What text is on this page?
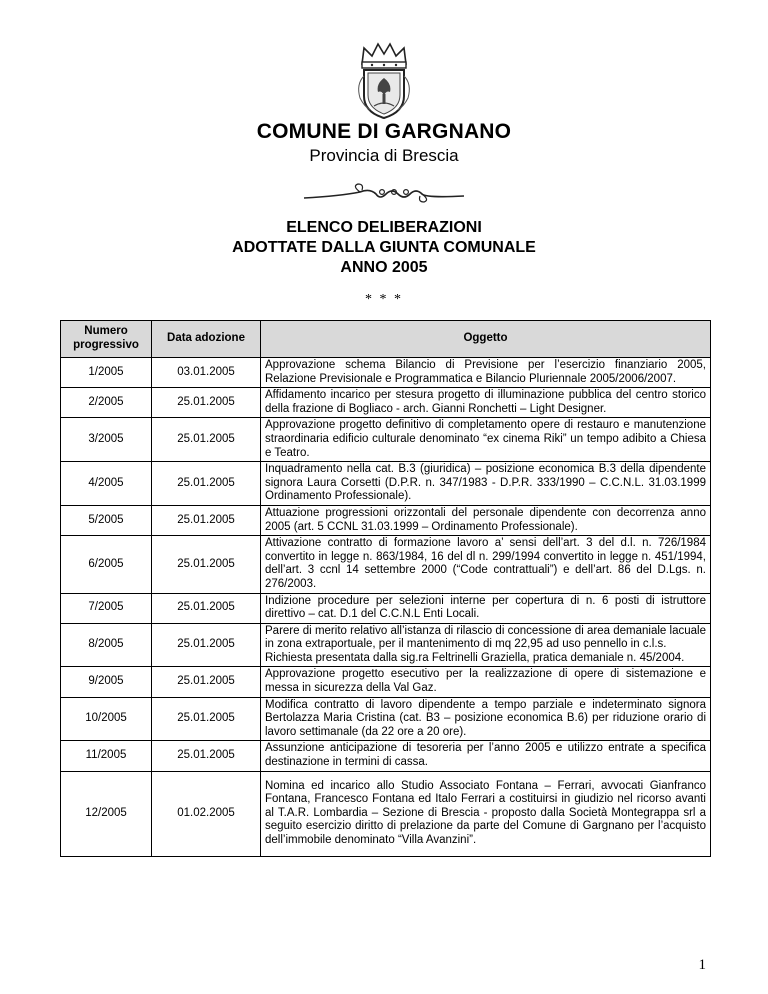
COMUNE DI GARGNANO
Provincia di Brescia
ELENCO DELIBERAZIONI
ADOTTATE DALLA GIUNTA COMUNALE
ANNO 2005
* * *
Numero progressivo	Data adozione	Oggetto
1/2005	03.01.2005	Approvazione schema Bilancio di Previsione per l’esercizio finanziario 2005, Relazione Previsionale e Programmatica e Bilancio Pluriennale 2005/2006/2007.
2/2005	25.01.2005	Affidamento incarico per stesura progetto di illuminazione pubblica del centro storico della frazione di Bogliaco - arch. Gianni Ronchetti – Light Designer.
3/2005	25.01.2005	Approvazione progetto definitivo di completamento opere di restauro e manutenzione straordinaria edificio culturale denominato “ex cinema Riki” un tempo adibito a Chiesa e Teatro.
4/2005	25.01.2005	Inquadramento nella cat. B.3 (giuridica) – posizione economica B.3 della dipendente signora Laura Corsetti (D.P.R. n. 347/1983 - D.P.R. 333/1990 – C.C.N.L. 31.03.1999 Ordinamento Professionale).
5/2005	25.01.2005	Attuazione progressioni orizzontali del personale dipendente con decorrenza anno 2005 (art. 5 CCNL 31.03.1999 – Ordinamento Professionale).
6/2005	25.01.2005	Attivazione contratto di formazione lavoro a’ sensi dell’art. 3 del d.l. n. 726/1984 convertito in legge n. 863/1984, 16 del dl n. 299/1994 convertito in legge n. 451/1994, dell’art. 3 ccnl 14 settembre 2000 (“Code contrattuali”) e dell’art. 86 del D.Lgs. n. 276/2003.
7/2005	25.01.2005	Indizione procedure per selezioni interne per copertura di n. 6 posti di istruttore direttivo – cat. D.1 del C.C.N.L Enti Locali.
8/2005	25.01.2005	Parere di merito relativo all’istanza di rilascio di concessione di area demaniale lacuale in zona extraportuale, per il mantenimento di mq 22,95 ad uso pennello in c.l.s.
Richiesta presentata dalla sig.ra Feltrinelli Graziella, pratica demaniale n. 45/2004.

9/2005	25.01.2005	Approvazione progetto esecutivo per la realizzazione di opere di sistemazione e messa in sicurezza della Val Gaz.
10/2005	25.01.2005	Modifica contratto di lavoro dipendente a tempo parziale e indeterminato signora Bertolazza Maria Cristina (cat. B3 – posizione economica B.6) per riduzione orario di lavoro settimanale (da 22 ore a 20 ore).
11/2005	25.01.2005	Assunzione anticipazione di tesoreria per l’anno 2005 e utilizzo entrate a specifica destinazione in termini di cassa.
12/2005	01.02.2005	Nomina ed incarico allo Studio Associato Fontana – Ferrari, avvocati Gianfranco Fontana, Francesco Fontana ed Italo Ferrari a costituirsi in giudizio nel ricorso avanti al T.A.R. Lombardia – Sezione di Brescia - proposto dalla Società Montegrappa srl a seguito esercizio diritto di prelazione da parte del Comune di Gargnano per l’acquisto dell’immobile denominato “Villa Avanzini”.
1
